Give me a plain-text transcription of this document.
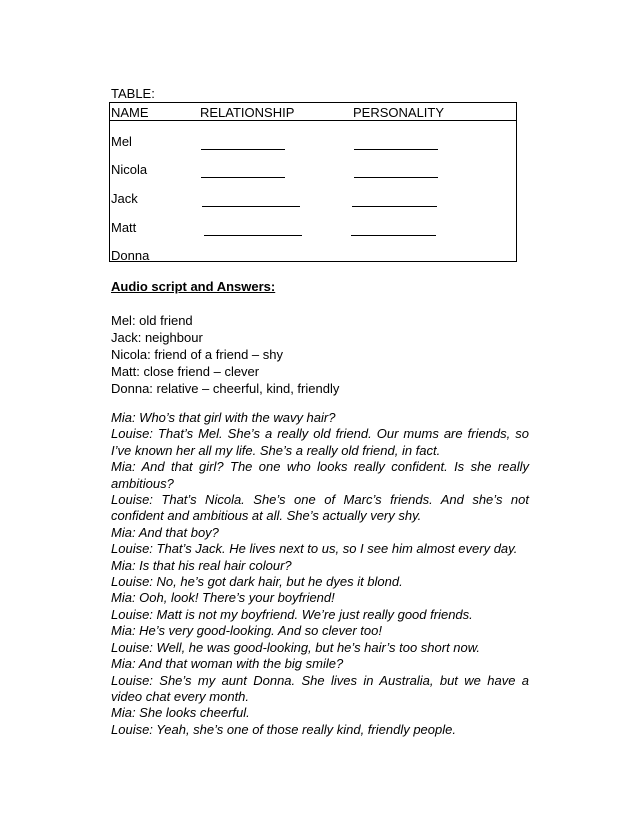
TABLE:
NAME	RELATIONSHIP	PERSONALITY
Mel
Nicola
Jack
Matt
Donna
Audio script and Answers:
Mel: old friend
Jack: neighbour
Nicola: friend of a friend – shy
Matt: close friend – clever
Donna: relative – cheerful, kind, friendly
Mia: Who’s that girl with the wavy hair?
Louise: That’s Mel. She’s a really old friend. Our mums are friends, so I’ve known her all my life. She’s a really old friend, in fact.
Mia: And that girl? The one who looks really confident. Is she really ambitious?
Louise: That’s Nicola. She’s one of Marc’s friends. And she’s not confident and ambitious at all. She’s actually very shy.
Mia: And that boy?
Louise: That’s Jack. He lives next to us, so I see him almost every day.
Mia: Is that his real hair colour?
Louise: No, he’s got dark hair, but he dyes it blond.
Mia: Ooh, look! There’s your boyfriend!
Louise: Matt is not my boyfriend. We’re just really good friends.
Mia: He’s very good-looking. And so clever too!
Louise: Well, he was good-looking, but he’s hair’s too short now.
Mia: And that woman with the big smile?
Louise: She’s my aunt Donna. She lives in Australia, but we have a video chat every month.
Mia: She looks cheerful.
Louise: Yeah, she’s one of those really kind, friendly people.
